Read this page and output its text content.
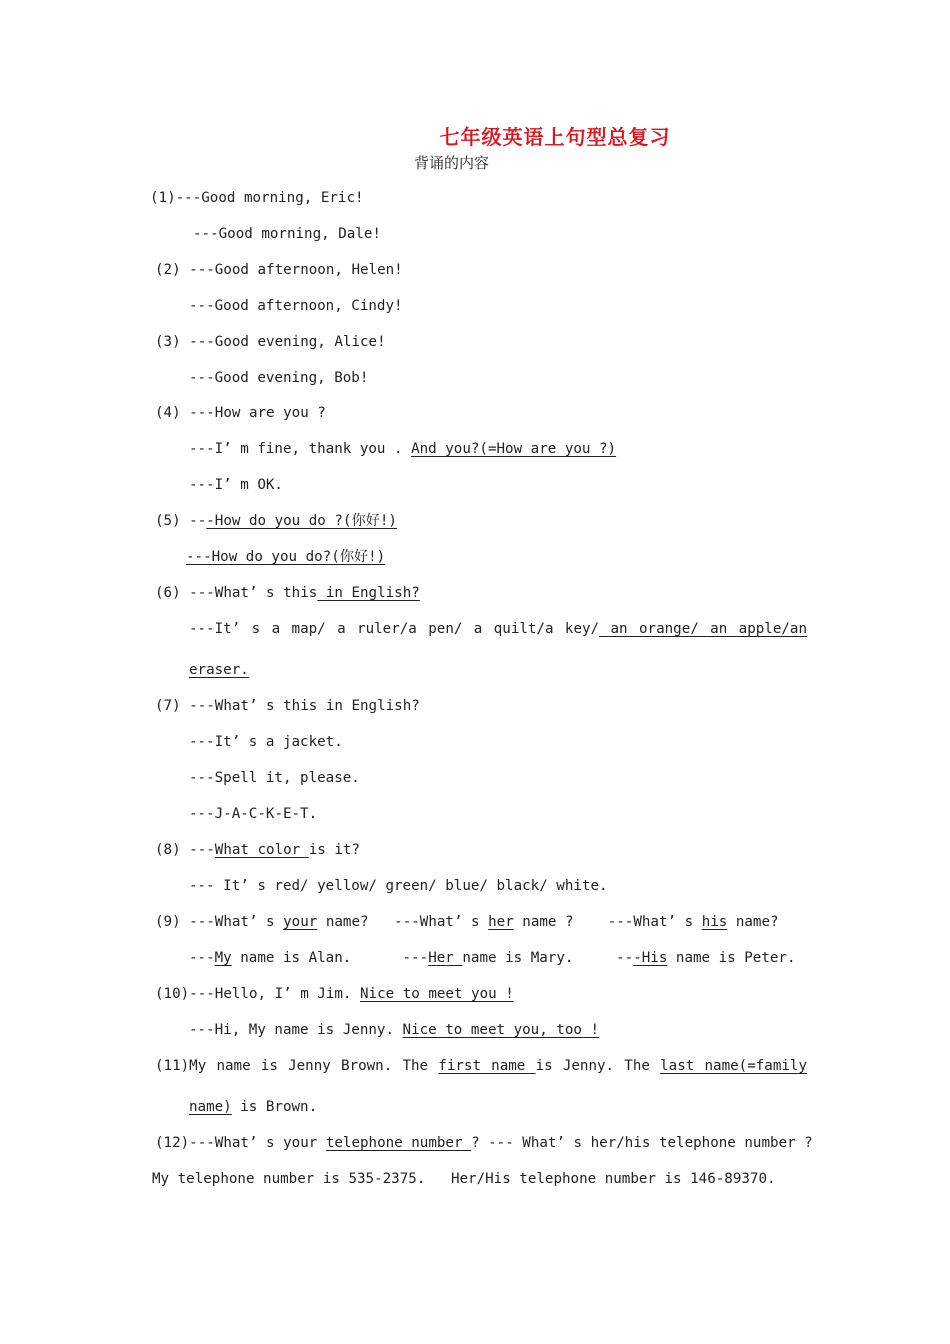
七年级英语上句型总复习
背诵的内容
(1)---Good morning, Eric!
---Good morning, Dale!
(2) ---Good afternoon, Helen!
---Good afternoon, Cindy!
(3) ---Good evening, Alice!
---Good evening, Bob!
(4) ---How are you ?
---I’ m fine, thank you . And you?(=How are you ?)
---I’ m OK.
(5) ---How do you do ?(你好!)
---How do you do?(你好!)
(6) ---What’ s this in English?
---It’ s a map/ a ruler/a pen/ a quilt/a key/ an orange/ an apple/an
eraser.
(7) ---What’ s this in English?
---It’ s a jacket.
---Spell it, please.
---J-A-C-K-E-T.
(8) ---What color is it?
--- It’ s red/ yellow/ green/ blue/ black/ white.
(9) ---What’ s your name?   ---What’ s her name ?    ---What’ s his name?
---My name is Alan.      ---Her name is Mary.     ---His name is Peter.
(10)---Hello, I’ m Jim. Nice to meet you !
---Hi, My name is Jenny. Nice to meet you, too !
(11)My name is Jenny Brown. The first name is Jenny. The last name(=family
name) is Brown.
(12)---What’ s your telephone number ? --- What’ s her/his telephone number ?
My telephone number is 535-2375.   Her/His telephone number is 146-89370.
